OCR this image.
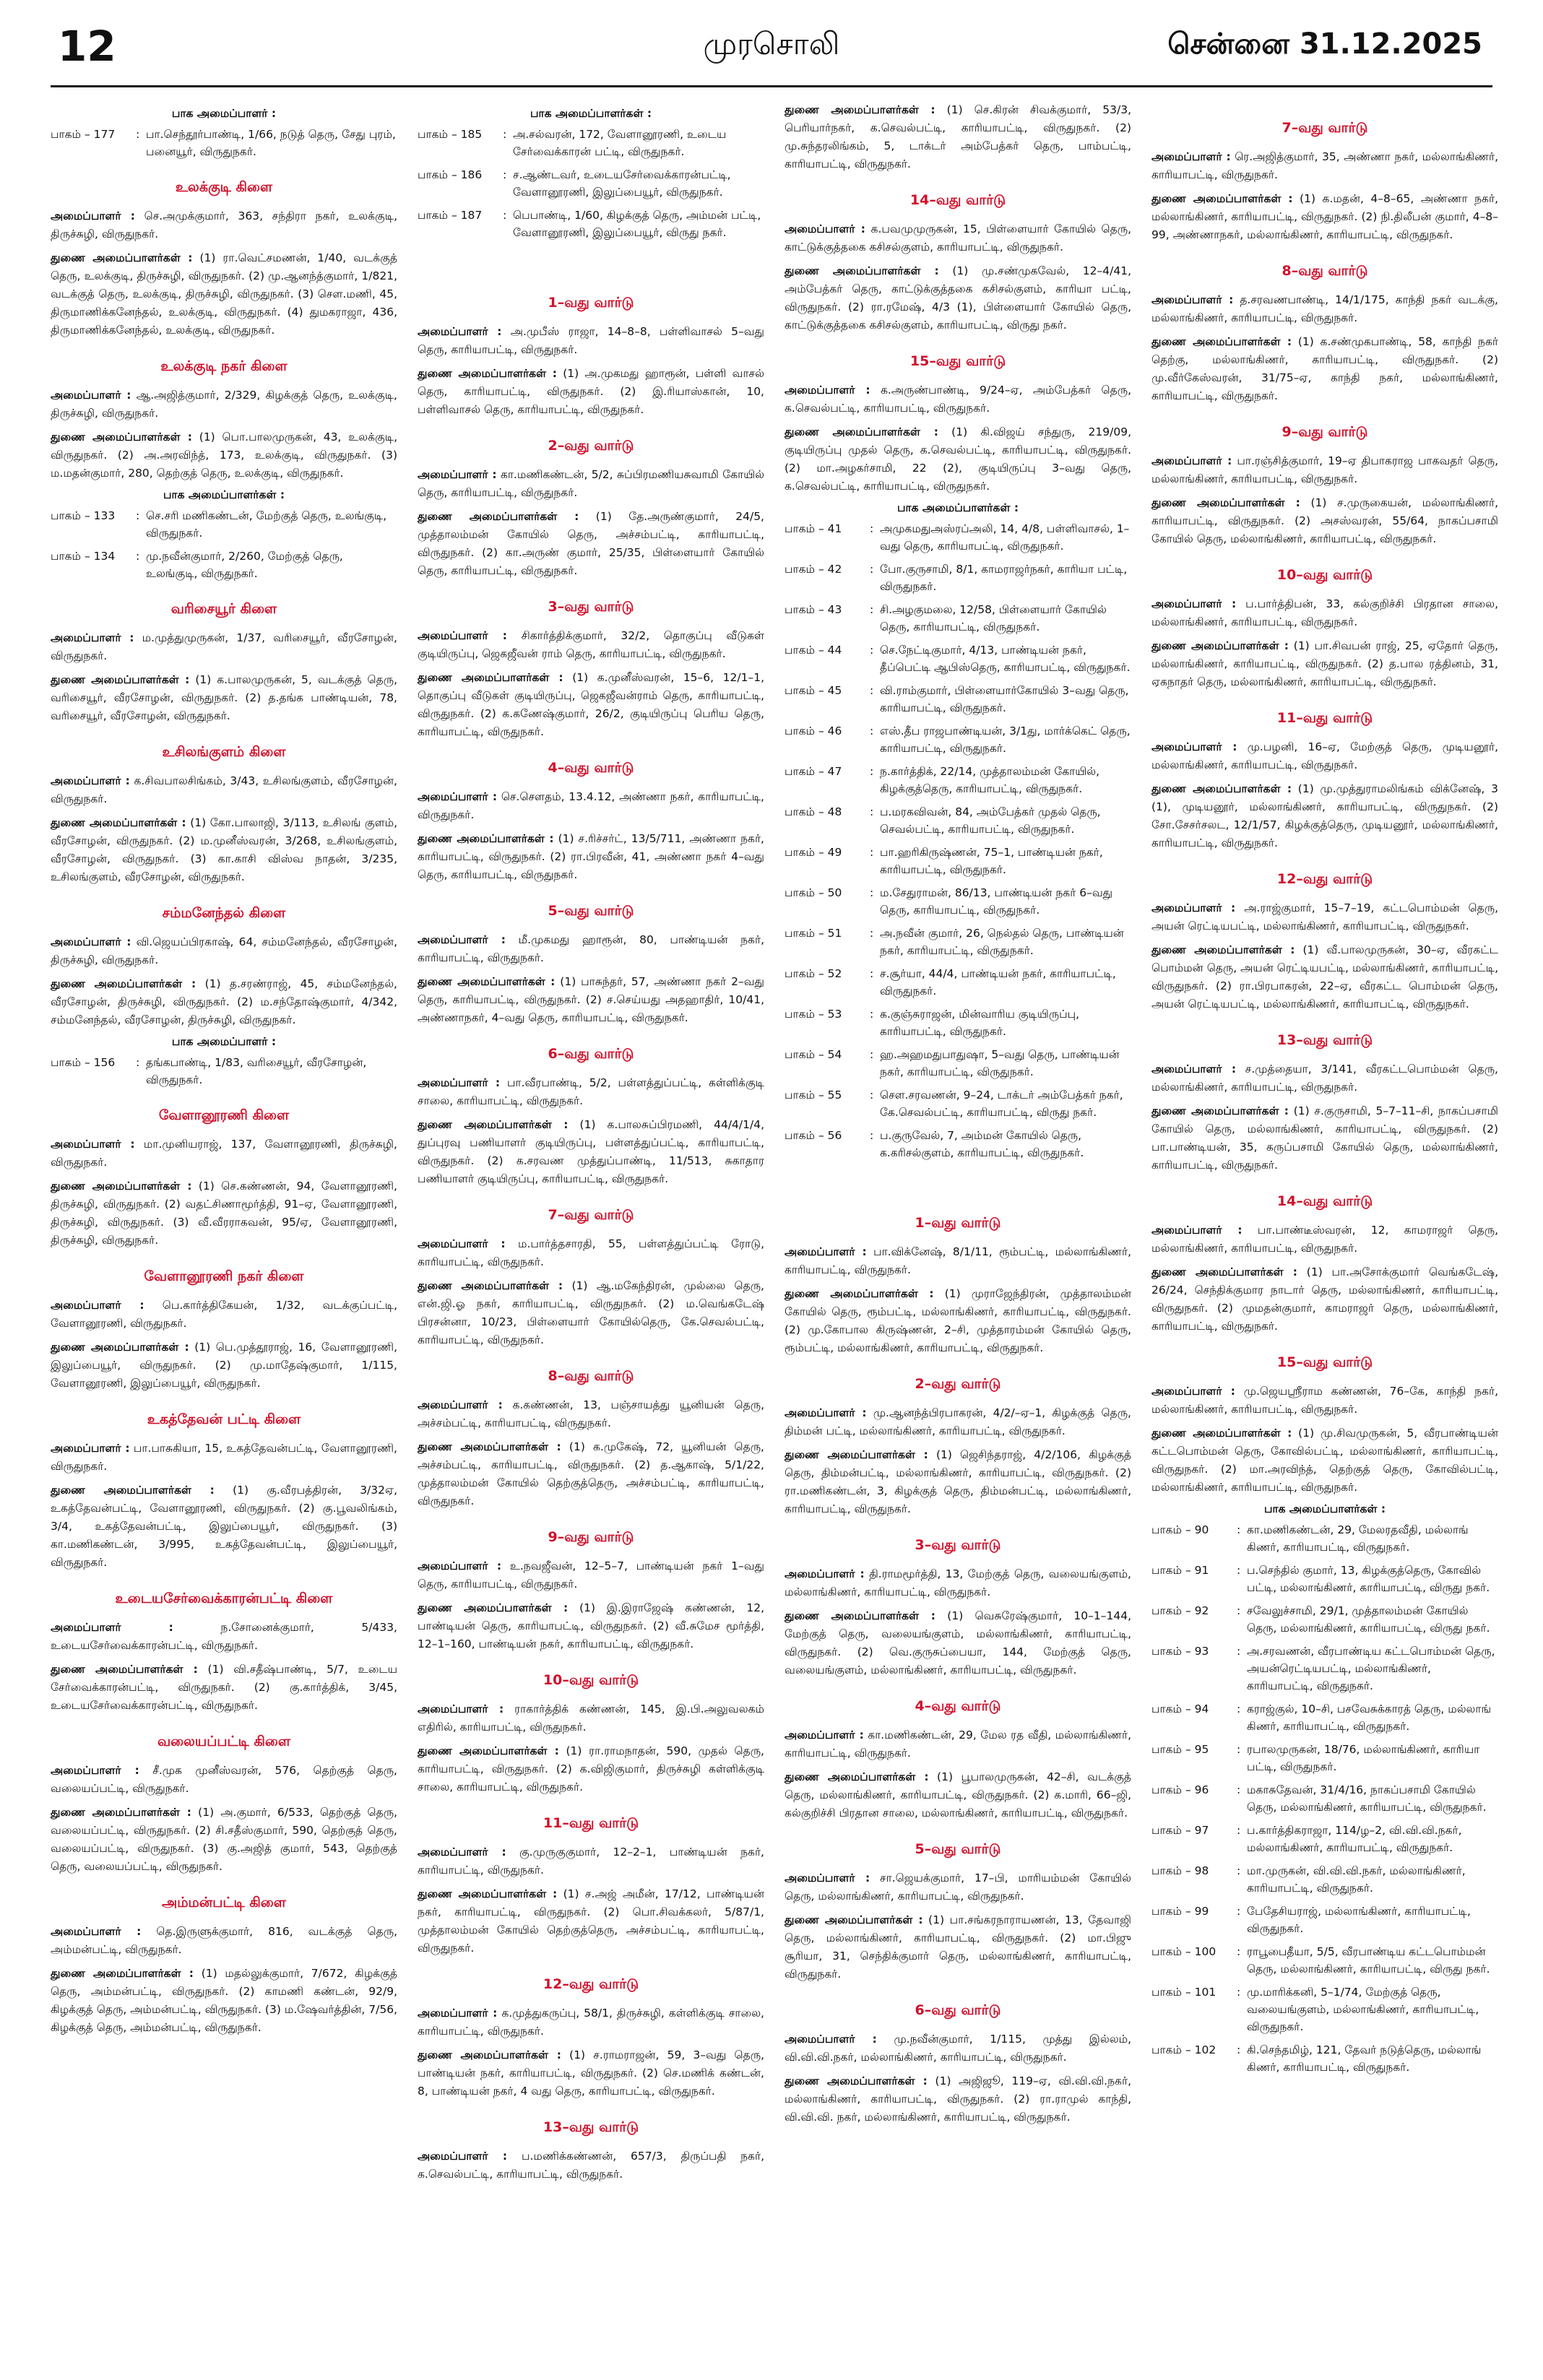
12	முரசொலி	சென்னை 31.12.2025
பாக அமைப்பாளர் :
பாகம் – 177	: பா.செந்தூர்பாண்டி, 1/66, நடுத் தெரு, சேது புரம், பனையூர், விருதுநகர்.
உலக்குடி கிளை
அமைப்பாளர் : செ.அமுக்குமார், 363, சந்திரா நகர், உலக்குடி, திருச்சுழி, விருதுநகர்.
துணை அமைப்பாளர்கள் : (1) ரா.வெட்சமணன், 1/40, வடக்குத் தெரு, உலக்குடி, திருச்சுழி, விருதுநகர். (2) மு.ஆனந்த்குமார், 1/821, வடக்குத் தெரு, உலக்குடி, திருச்சுழி, விருதுநகர். (3) சௌ.மணி, 45, திருமாணிக்கனேந்தல், உலக்குடி, விருதுநகர். (4) துமகராஜா, 436, திருமாணிக்கனேந்தல், உலக்குடி, விருதுநகர்.
உலக்குடி நகர் கிளை
அமைப்பாளர் : ஆ.அஜித்குமார், 2/329, கிழக்குத் தெரு, உலக்குடி, திருச்சுழி, விருதுநகர்.
துணை அமைப்பாளர்கள் : (1) பொ.பாலமுருகன், 43, உலக்குடி, விருதுநகர். (2) அ.அரவிந்த், 173, உலக்குடி, விருதுநகர். (3) ம.மதன்குமார், 280, தெற்குத் தெரு, உலக்குடி, விருதுநகர்.
பாக அமைப்பாளர்கள் :
பாகம் – 133	: செ.சரி மணிகண்டன், மேற்குத் தெரு, உலங்குடி, விருதுநகர்.
பாகம் – 134	: மு.நவீன்குமார், 2/260, மேற்குத் தெரு, உலங்குடி, விருதுநகர்.
வரிசையூர் கிளை
அமைப்பாளர் : ம.முத்துமுருகன், 1/37, வரிசையூர், வீரசோழன், விருதுநகர்.
துணை அமைப்பாளர்கள் : (1) க.பாலமுருகன், 5, வடக்குத் தெரு, வரிசையூர், வீரசோழன், விருதுநகர். (2) த.தங்க பாண்டியன், 78, வரிசையூர், வீரசோழன், விருதுநகர்.
உசிலங்குளம் கிளை
அமைப்பாளர் : க.சிவபாலசிங்கம், 3/43, உசிலங்குளம், வீரசோழன், விருதுநகர்.
துணை அமைப்பாளர்கள் : (1) கோ.பாலாஜி, 3/113, உசிலங் குளம், வீரசோழன், விருதுநகர். (2) ம.முனீஸ்வரன், 3/268, உசிலங்குளம், வீரசோழன், விருதுநகர். (3) கா.காசி விஸ்வ நாதன், 3/235, உசிலங்குளம், வீரசோழன், விருதுநகர்.
சம்மனேந்தல் கிளை
அமைப்பாளர் : வி.ஜெயப்பிரகாஷ், 64, சம்மனேந்தல், வீரசோழன், திருச்சுழி, விருதுநகர்.
துணை அமைப்பாளர்கள் : (1) த.சரண்ராஜ், 45, சம்மனேந்தல், வீரசோழன், திருச்சுழி, விருதுநகர். (2) ம.சந்தோஷ்குமார், 4/342, சம்மனேந்தல், வீரசோழன், திருச்சுழி, விருதுநகர்.
பாக அமைப்பாளர் :
பாகம் – 156	: தங்கபாண்டி, 1/83, வரிசையூர், வீரசோழன், விருதுநகர்.
வேளானூரணி கிளை
அமைப்பாளர் : மா.முனியராஜ், 137, வேளானூரணி, திருச்சுழி, விருதுநகர்.
துணை அமைப்பாளர்கள் : (1) செ.கண்ணன், 94, வேளானூரணி, திருச்சுழி, விருதுநகர். (2) வதட்சிணாமூர்த்தி, 91–ஏ, வேளானூரணி, திருச்சுழி, விருதுநகர். (3) வீ.வீரராகவன், 95/ஏ, வேளானூரணி, திருச்சுழி, விருதுநகர்.
வேளானூரணி நகர் கிளை
அமைப்பாளர் : பெ.கார்த்திகேயன், 1/32, வடக்குப்பட்டி, வேளானூரணி, விருதுநகர்.
துணை அமைப்பாளர்கள் : (1) பெ.முத்தூராஜ், 16, வேளானூரணி, இலுப்பையூர், விருதுநகர். (2) மு.மாதேஷ்குமார், 1/115, வேளானூரணி, இலுப்பையூர், விருதுநகர்.
உகத்தேவன் பட்டி கிளை
அமைப்பாளர் : பா.பாசுகியா, 15, உகத்தேவன்பட்டி, வேளானூரணி, விருதுநகர்.
துணை அமைப்பாளர்கள் : (1) கு.வீரபத்திரன், 3/32ஏ, உகத்தேவன்பட்டி, வேளானூரணி, விருதுநகர். (2) கு.பூவலிங்கம், 3/4, உகத்தேவன்பட்டி, இலுப்பையூர், விருதுநகர். (3) கா.மணிகண்டன், 3/995, உகத்தேவன்பட்டி, இலுப்பையூர், விருதுநகர்.
உடையசேர்வைக்காரன்பட்டி கிளை
அமைப்பாளர் :	ந.சோனைக்குமார், 5/433, உடையசேர்வைக்காரன்பட்டி, விருதுநகர்.
துணை அமைப்பாளர்கள் : (1) வி.சதீஷ்பாண்டி, 5/7, உடைய சேர்வைக்காரன்பட்டி, விருதுநகர். (2) கு.கார்த்திக், 3/45, உடையசேர்வைக்காரன்பட்டி, விருதுநகர்.
வலையப்பட்டி கிளை
அமைப்பாளர் : சீ.முக முனீஸ்வரன், 576, தெற்குத் தெரு, வலையப்பட்டி, விருதுநகர்.
துணை அமைப்பாளர்கள் : (1) அ.குமார், 6/533, தெற்குத் தெரு, வலையப்பட்டி, விருதுநகர். (2) சி.சதீஸ்குமார், 590, தெற்குத் தெரு, வலையப்பட்டி, விருதுநகர். (3) கு.அஜித் குமார், 543, தெற்குத் தெரு, வலையப்பட்டி, விருதுநகர்.
அம்மன்பட்டி கிளை
அமைப்பாளர் : தெ.இருளுக்குமார், 816, வடக்குத் தெரு, அம்மன்பட்டி, விருதுநகர்.
துணை அமைப்பாளர்கள் : (1) மதல்லுக்குமார், 7/672, கிழக்குத் தெரு, அம்மன்பட்டி, விருதுநகர். (2) காமணி கண்டன், 92/9, கிழக்குத் தெரு, அம்மன்பட்டி, விருதுநகர். (3) ம.ஷேவர்த்தின், 7/56, கிழக்குத் தெரு, அம்மன்பட்டி, விருதுநகர்.
பாக அமைப்பாளர்கள் :
பாகம் – 185	: அ.சல்வரன், 172, வேளானூரணி, உடைய சேர்வைக்காரன் பட்டி, விருதுநகர்.
பாகம் – 186	: ச.ஆண்டவர், உடையசேர்வைக்காரன்பட்டி, வேளானூரணி, இலுப்பையூர், விருதுநகர்.
பாகம் – 187	: பெபாண்டி, 1/60, கிழக்குத் தெரு, அம்மன் பட்டி, வேளானூரணி, இலுப்பையூர், விருது நகர்.
1–வது வார்டு
அமைப்பாளர் : அ.முபீஸ் ராஜா, 14–8–8, பள்ளிவாசல் 5–வது தெரு, காரியாபட்டி, விருதுநகர்.
துணை அமைப்பாளர்கள் : (1) அ.முகமது ஹாரூன், பள்ளி வாசல் தெரு, காரியாபட்டி, விருதுநகர். (2) இ.ரியாஸ்கான், 10, பள்ளிவாசல் தெரு, காரியாபட்டி, விருதுநகர்.
2–வது வார்டு
அமைப்பாளர் : கா.மணிகண்டன், 5/2, சுப்பிரமணியசுவாமி கோயில் தெரு, காரியாபட்டி, விருதுநகர்.
துணை அமைப்பாளர்கள் : (1) தே.அருண்குமார், 24/5, முத்தாலம்மன் கோயில் தெரு, அச்சம்பட்டி, காரியாபட்டி, விருதுநகர். (2) கா.அருண் குமார், 25/35, பிள்ளையார் கோயில் தெரு, காரியாபட்டி, விருதுநகர்.
3–வது வார்டு
அமைப்பாளர் : சிகார்த்திக்குமார், 32/2, தொகுப்பு வீடுகள் குடியிருப்பு, ஜெகஜீவன் ராம் தெரு, காரியாபட்டி, விருதுநகர்.
துணை அமைப்பாளர்கள் : (1) க.முனீஸ்வரன், 15–6, 12/1–1, தொகுப்பு வீடுகள் குடியிருப்பு, ஜெகஜீவன்ராம் தெரு, காரியாபட்டி, விருதுநகர். (2) க.கணேஷ்குமார், 26/2, குடியிருப்பு பெரிய தெரு, காரியாபட்டி, விருதுநகர்.
4–வது வார்டு
அமைப்பாளர் : செ.சௌதம், 13.4.12, அண்ணா நகர், காரியாபட்டி, விருதுநகர்.
துணை அமைப்பாளர்கள் : (1) ச.ரிச்சர்ட், 13/5/711, அண்ணா நகர், காரியாபட்டி, விருதுநகர். (2) ரா.பிரவீன், 41, அண்ணா நகர் 4–வது தெரு, காரியாபட்டி, விருதுநகர்.
5–வது வார்டு
அமைப்பாளர் : மீ.முகமது ஹாரூன், 80, பாண்டியன் நகர், காரியாபட்டி, விருதுநகர்.
துணை அமைப்பாளர்கள் : (1) பாசுந்தர், 57, அண்ணா நகர் 2–வது தெரு, காரியாபட்டி, விருதுநகர். (2) ச.செய்யது அதஹாதிர், 10/41, அண்ணாநகர், 4–வது தெரு, காரியாபட்டி, விருதுநகர்.
6–வது வார்டு
அமைப்பாளர் : பா.வீரபாண்டி, 5/2, பள்ளத்துப்பட்டி, கள்ளிக்குடி சாலை, காரியாபட்டி, விருதுநகர்.
துணை அமைப்பாளர்கள் : (1) க.பாலசுப்பிரமணி, 44/4/1/4, துப்புரவு பணியாளர் குடியிருப்பு, பள்ளத்துப்பட்டி, காரியாபட்டி, விருதுநகர். (2) க.சரவண முத்துப்பாண்டி, 11/513, சுகாதார பணியாளர் குடியிருப்பு, காரியாபட்டி, விருதுநகர்.
7–வது வார்டு
அமைப்பாளர் : ம.பார்த்தசாரதி, 55, பள்ளத்துப்பட்டி ரோடு, காரியாபட்டி, விருதுநகர்.
துணை அமைப்பாளர்கள் : (1) ஆ.மகேந்திரன், முல்லை தெரு, என்.ஜி.ஓ நகர், காரியாபட்டி, விருதுநகர். (2) ம.வெங்கடேஷ் பிரசன்னா, 10/23, பிள்ளையார் கோயில்தெரு, கே.செவல்பட்டி, காரியாபட்டி, விருதுநகர்.
8–வது வார்டு
அமைப்பாளர் : க.கண்ணன், 13, பஞ்சாயத்து யூனியன் தெரு, அச்சம்பட்டி, காரியாபட்டி, விருதுநகர்.
துணை அமைப்பாளர்கள் : (1) க.முகேஷ், 72, யூனியன் தெரு, அச்சம்பட்டி, காரியாபட்டி, விருதுநகர். (2) த.ஆகாஷ், 5/1/22, முத்தாலம்மன் கோயில் தெற்குத்தெரு, அச்சம்பட்டி, காரியாபட்டி, விருதுநகர்.
9–வது வார்டு
அமைப்பாளர் : உ.நவஜீவன், 12–5–7, பாண்டியன் நகர் 1–வது தெரு, காரியாபட்டி, விருதுநகர்.
துணை அமைப்பாளர்கள் : (1) இ.இராஜேஷ் கண்ணன், 12, பாண்டியன் தெரு, காரியாபட்டி, விருதுநகர். (2) வீ.சுமேச மூர்த்தி, 12–1–160, பாண்டியன் நகர், காரியாபட்டி, விருதுநகர்.
10–வது வார்டு
அமைப்பாளர் : ராகார்த்திக் கண்ணன், 145, இ.பி.அலுவலகம் எதிரில், காரியாபட்டி, விருதுநகர்.
துணை அமைப்பாளர்கள் : (1) ரா.ராமநாதன், 590, முதல் தெரு, காரியாபட்டி, விருதுநகர். (2) க.விஜிகுமார், திருச்சுழி கள்ளிக்குடி சாலை, காரியாபட்டி, விருதுநகர்.
11–வது வார்டு
அமைப்பாளர் : கு.முருகுகுமார், 12–2–1, பாண்டியன் நகர், காரியாபட்டி, விருதுநகர்.
துணை அமைப்பாளர்கள் : (1) ச.அஜ் அமீன், 17/12, பாண்டியன் நகர், காரியாபட்டி, விருதுநகர். (2) பொ.சிவக்கலர், 5/87/1, முத்தாலம்மன் கோயில் தெற்குத்தெரு, அச்சம்பட்டி, காரியாபட்டி, விருதுநகர்.
12–வது வார்டு
அமைப்பாளர் : க.முத்துகருப்பு, 58/1, திருச்சுழி, கள்ளிக்குடி சாலை, காரியாபட்டி, விருதுநகர்.
துணை அமைப்பாளர்கள் : (1) ச.ராமராஜன், 59, 3–வது தெரு, பாண்டியன் நகர், காரியாபட்டி, விருதுநகர். (2) செ.மணிக் கண்டன், 8, பாண்டியன் நகர், 4 வது தெரு, காரியாபட்டி, விருதுநகர்.
13–வது வார்டு
அமைப்பாளர் : ப.மணிக்கண்ணன், 657/3, திருப்பதி நகர், க.செவல்பட்டி, காரியாபட்டி, விருதுநகர்.
துணை அமைப்பாளர்கள் : (1) செ.கிரன் சிவக்குமார், 53/3, பெரியார்நகர், க.செவல்பட்டி, காரியாபட்டி, விருதுநகர். (2) மு.சுந்தரலிங்கம், 5, டாக்டர் அம்பேத்கர் தெரு, பாம்பட்டி, காரியாபட்டி, விருதுநகர்.
14–வது வார்டு
அமைப்பாளர் : க.பவமுமுருகன், 15, பிள்ளையார் கோயில் தெரு, காட்டுக்குத்தகை கசிசல்குளம், காரியாபட்டி, விருதுநகர்.
துணை அமைப்பாளர்கள் : (1) மு.சண்முகவேல், 12–4/41, அம்பேத்கர் தெரு, காட்டுக்குத்தகை கசிசல்குளம், காரியா பட்டி, விருதுநகர். (2) ரா.ரமேஷ், 4/3 (1), பிள்ளையார் கோயில் தெரு, காட்டுக்குத்தகை கசிசல்குளம், காரியாபட்டி, விருது நகர்.
15–வது வார்டு
அமைப்பாளர் : க.அருண்பாண்டி, 9/24–ஏ, அம்பேத்கர் தெரு, க.செவல்பட்டி, காரியாபட்டி, விருதுநகர்.
துணை அமைப்பாளர்கள் : (1) கி.விஜய் சந்துரு, 219/09, குடியிருப்பு முதல் தெரு, க.செவல்பட்டி, காரியாபட்டி, விருதுநகர். (2) மா.அழகர்சாமி, 22 (2), குடியிருப்பு 3–வது தெரு, க.செவல்பட்டி, காரியாபட்டி, விருதுநகர்.
பாக அமைப்பாளர்கள் :
பாகம் – 41	: அமுகமதுஅஸ்ரப்அலி, 14, 4/8, பள்ளிவாசல், 1–வது தெரு, காரியாபட்டி, விருதுநகர்.
பாகம் – 42	: போ.குருசாமி, 8/1, காமராஜர்நகர், காரியா பட்டி, விருதுநகர்.
பாகம் – 43	: சி.அழகுமலை, 12/58, பிள்ளையார் கோயில் தெரு, காரியாபட்டி, விருதுநகர்.
பாகம் – 44	: செ.நேட்டிகுமார், 4/13, பாண்டியன் நகர், தீப்பெட்டி ஆபிஸ்தெரு, காரியாபட்டி, விருதுநகர்.
பாகம் – 45	: வி.ராம்குமார், பிள்ளையார்கோயில் 3–வது தெரு, காரியாபட்டி, விருதுநகர்.
பாகம் – 46	: எஸ்.தீப ராஜபாண்டியன், 3/1து, மார்க்கெட் தெரு, காரியாபட்டி, விருதுநகர்.
பாகம் – 47	: ந.கார்த்திக், 22/14, முத்தாலம்மன் கோயில், கிழக்குத்தெரு, காரியாபட்டி, விருதுநகர்.
பாகம் – 48	: ப.மரகவிவன், 84, அம்பேத்கர் முதல் தெரு, செவல்பட்டி, காரியாபட்டி, விருதுநகர்.
பாகம் – 49	: பா.ஹரிகிருஷ்ணன், 75–1, பாண்டியன் நகர், காரியாபட்டி, விருதுநகர்.
பாகம் – 50	: ம.சேதுராமன், 86/13, பாண்டியன் நகர் 6–வது தெரு, காரியாபட்டி, விருதுநகர்.
பாகம் – 51	: அ.நவீன் குமார், 26, நெல்தல் தெரு, பாண்டியன் நகர், காரியாபட்டி, விருதுநகர்.
பாகம் – 52	: ச.சூர்யா, 44/4, பாண்டியன் நகர், காரியாபட்டி, விருதுநகர்.
பாகம் – 53	: க.குஞ்சுராஜன், மின்வாரிய குடியிருப்பு, காரியாபட்டி, விருதுநகர்.
பாகம் – 54	: ஹ.அஹமதுபாதுஷா, 5–வது தெரு, பாண்டியன் நகர், காரியாபட்டி, விருதுநகர்.
பாகம் – 55	: சௌ.சரவணன், 9–24, டாக்டர் அம்பேத்கர் நகர், கே.செவல்பட்டி, காரியாபட்டி, விருது நகர்.
பாகம் – 56	: ப.குருவேல், 7, அம்மன் கோயில் தெரு, க.கரிசல்குளம், காரியாபட்டி, விருதுநகர்.
1–வது வார்டு
அமைப்பாளர் : பா.விக்னேஷ், 8/1/11, ரூம்பட்டி, மல்லாங்கிணர், காரியாபட்டி, விருதுநகர்.
துணை அமைப்பாளர்கள் : (1) முராஜேந்திரன், முத்தாலம்மன் கோயில் தெரு, ரூம்பட்டி, மல்லாங்கிணர், காரியாபட்டி, விருதுநகர். (2) மு.கோபால கிருஷ்ணன், 2–சி, முத்தாரம்மன் கோயில் தெரு, ரூம்பட்டி, மல்லாங்கிணர், காரியாபட்டி, விருதுநகர்.
2–வது வார்டு
அமைப்பாளர் : மு.ஆனந்த்பிரபாகரன், 4/2/–ஏ–1, கிழக்குத் தெரு, திம்மன் பட்டி, மல்லாங்கிணர், காரியாபட்டி, விருதுநகர்.
துணை அமைப்பாளர்கள் : (1) ஜெசிந்தராஜ், 4/2/106, கிழக்குத் தெரு, திம்மன்பட்டி, மல்லாங்கிணர், காரியாபட்டி, விருதுநகர். (2) ரா.மணிகண்டன், 3, கிழக்குத் தெரு, திம்மன்பட்டி, மல்லாங்கிணர், காரியாபட்டி, விருதுநகர்.
3–வது வார்டு
அமைப்பாளர் : தி.ராமமூர்த்தி, 13, மேற்குத் தெரு, வலையங்குளம், மல்லாங்கிணர், காரியாபட்டி, விருதுநகர்.
துணை அமைப்பாளர்கள் : (1) வெசுரேஷ்குமார், 10–1–144, மேற்குத் தெரு, வலையங்குளம், மல்லாங்கிணர், காரியாபட்டி, விருதுநகர். (2) வெ.குருசுப்பையா, 144, மேற்குத் தெரு, வலையங்குளம், மல்லாங்கிணர், காரியாபட்டி, விருதுநகர்.
4–வது வார்டு
அமைப்பாளர் : கா.மணிகண்டன், 29, மேல ரத வீதி, மல்லாங்கிணர், காரியாபட்டி, விருதுநகர்.
துணை அமைப்பாளர்கள் : (1) பூபாலமுருகன், 42–சி, வடக்குத் தெரு, மல்லாங்கிணர், காரியாபட்டி, விருதுநகர். (2) க.மாரி, 66–ஜி, கல்குறிச்சி பிரதான சாலை, மல்லாங்கிணர், காரியாபட்டி, விருதுநகர்.
5–வது வார்டு
அமைப்பாளர் : சா.ஜெயக்குமார், 17–பி, மாரியம்மன் கோயில் தெரு, மல்லாங்கிணர், காரியாபட்டி, விருதுநகர்.
துணை அமைப்பாளர்கள் : (1) பா.சங்கரநாராயணன், 13, தேவாஜி தெரு, மல்லாங்கிணர், காரியாபட்டி, விருதுநகர். (2) மா.பிஜு சூரியா, 31, செந்திக்குமார் தெரு, மல்லாங்கிணர், காரியாபட்டி, விருதுநகர்.
6–வது வார்டு
அமைப்பாளர் : மு.நவீன்குமார், 1/115, முத்து இல்லம், வி.வி.வி.நகர், மல்லாங்கிணர், காரியாபட்டி, விருதுநகர்.
துணை அமைப்பாளர்கள் : (1) அஜிஜூ, 119–ஏ, வி.வி.வி.நகர், மல்லாங்கிணர், காரியாபட்டி, விருதுநகர். (2) ரா.ராமுல் காந்தி, வி.வி.வி. நகர், மல்லாங்கிணர், காரியாபட்டி, விருதுநகர்.
7–வது வார்டு
அமைப்பாளர் : ரெ.அஜித்குமார், 35, அண்ணா நகர், மல்லாங்கிணர், காரியாபட்டி, விருதுநகர்.
துணை அமைப்பாளர்கள் : (1) க.மதன், 4–8–65, அண்ணா நகர், மல்லாங்கிணர், காரியாபட்டி, விருதுநகர். (2) நி.திலீபன் குமார், 4–8–99, அண்ணாநகர், மல்லாங்கிணர், காரியாபட்டி, விருதுநகர்.
8–வது வார்டு
அமைப்பாளர் : த.சரவணபாண்டி, 14/1/175, காந்தி நகர் வடக்கு, மல்லாங்கிணர், காரியாபட்டி, விருதுநகர்.
துணை அமைப்பாளர்கள் : (1) க.சண்முகபாண்டி, 58, காந்தி நகர் தெற்கு, மல்லாங்கிணர், காரியாபட்டி, விருதுநகர். (2) மு.வீர்கேஸ்வரன், 31/75–ஏ, காந்தி நகர், மல்லாங்கிணர், காரியாபட்டி, விருதுநகர்.
9–வது வார்டு
அமைப்பாளர் : பா.ரஞ்சித்குமார், 19–ஏ திபாகராஜ பாகவதர் தெரு, மல்லாங்கிணர், காரியாபட்டி, விருதுநகர்.
துணை அமைப்பாளர்கள் : (1) ச.முருகையன், மல்லாங்கிணர், காரியாபட்டி, விருதுநகர். (2) அசஸ்வரன், 55/64, நாகப்பசாமி கோயில் தெரு, மல்லாங்கிணர், காரியாபட்டி, விருதுநகர்.
10–வது வார்டு
அமைப்பாளர் : ப.பார்த்திபன், 33, கல்குறிச்சி பிரதான சாலை, மல்லாங்கிணர், காரியாபட்டி, விருதுநகர்.
துணை அமைப்பாளர்கள் : (1) பா.சிவபன் ராஜ், 25, ஏதோர் தெரு, மல்லாங்கிணர், காரியாபட்டி, விருதுநகர். (2) த.பால ரத்தினம், 31, ஏகநாதர் தெரு, மல்லாங்கிணர், காரியாபட்டி, விருதுநகர்.
11–வது வார்டு
அமைப்பாளர் : மு.பழனி, 16–ஏ, மேற்குத் தெரு, முடியனூர், மல்லாங்கிணர், காரியாபட்டி, விருதுநகர்.
துணை அமைப்பாளர்கள் : (1) மு.முத்துராமலிங்கம் விக்னேஷ், 3 (1), முடியனூர், மல்லாங்கிணர், காரியாபட்டி, விருதுநகர். (2) சோ.சேசர்சலட, 12/1/57, கிழக்குத்தெரு, முடியனூர், மல்லாங்கிணர், காரியாபட்டி, விருதுநகர்.
12–வது வார்டு
அமைப்பாளர் : அ.ராஜ்குமார், 15–7–19, கட்டபொம்மன் தெரு, அயன் ரெட்டியபட்டி, மல்லாங்கிணர், காரியாபட்டி, விருதுநகர்.
துணை அமைப்பாளர்கள் : (1) வீ.பாலமுருகன், 30–ஏ, வீரகட்ட பொம்மன் தெரு, அயன் ரெட்டியபட்டி, மல்லாங்கிணர், காரியாபட்டி, விருதுநகர். (2) ரா.பிரபாகரன், 22–ஏ, வீரகட்ட பொம்மன் தெரு, அயன் ரெட்டியபட்டி, மல்லாங்கிணர், காரியாபட்டி, விருதுநகர்.
13–வது வார்டு
அமைப்பாளர் : ச.முத்தையா, 3/141, வீரகட்டபொம்மன் தெரு, மல்லாங்கிணர், காரியாபட்டி, விருதுநகர்.
துணை அமைப்பாளர்கள் : (1) ச.குருசாமி, 5–7–11–சி, நாகப்பசாமி கோயில் தெரு, மல்லாங்கிணர், காரியாபட்டி, விருதுநகர். (2) பா.பாண்டியன், 35, கருப்பசாமி கோயில் தெரு, மல்லாங்கிணர், காரியாபட்டி, விருதுநகர்.
14–வது வார்டு
அமைப்பாளர் : பா.பாண்டீஸ்வரன், 12, காமராஜர் தெரு, மல்லாங்கிணர், காரியாபட்டி, விருதுநகர்.
துணை அமைப்பாளர்கள் : (1) பா.அசோக்குமார் வெங்கடேஷ், 26/24, செந்திக்குமார நாடார் தெரு, மல்லாங்கிணர், காரியாபட்டி, விருதுநகர். (2) முமதன்குமார், காமராஜர் தெரு, மல்லாங்கிணர், காரியாபட்டி, விருதுநகர்.
15–வது வார்டு
அமைப்பாளர் : மு.ஜெயஸ்ரீராம கண்ணன், 76–கே, காந்தி நகர், மல்லாங்கிணர், காரியாபட்டி, விருதுநகர்.
துணை அமைப்பாளர்கள் : (1) மு.சிவமுருகன், 5, வீரபாண்டியன் கட்டபொம்மன் தெரு, கோவில்பட்டி, மல்லாங்கிணர், காரியாபட்டி, விருதுநகர். (2) மா.அரவிந்த், தெற்குத் தெரு, கோவில்பட்டி, மல்லாங்கிணர், காரியாபட்டி, விருதுநகர்.
பாக அமைப்பாளர்கள் :
பாகம் – 90	: கா.மணிகண்டன், 29, மேலரதவீதி, மல்லாங் கிணர், காரியாபட்டி, விருதுநகர்.
பாகம் – 91	: ப.செந்தில் குமார், 13, கிழக்குத்தெரு, கோவில் பட்டி, மல்லாங்கிணர், காரியாபட்டி, விருது நகர்.
பாகம் – 92	: சவேலுச்சாமி, 29/1, முத்தாலம்மன் கோயில் தெரு, மல்லாங்கிணர், காரியாபட்டி, விருது நகர்.
பாகம் – 93	: அ.சரவணன், வீரபாண்டிய கட்டபொம்மன் தெரு, அயன்ரெட்டியபட்டி, மல்லாங்கிணர், காரியாபட்டி, விருதுநகர்.
பாகம் – 94	: கராஜ்குல், 10–சி, பசவேசுக்காரத் தெரு, மல்லாங் கிணர், காரியாபட்டி, விருதுநகர்.
பாகம் – 95	: ரபாலமுருகன், 18/76, மல்லாங்கிணர், காரியா பட்டி, விருதுநகர்.
பாகம் – 96	: மகாசுதேவன், 31/4/16, நாகப்பசாமி கோயில் தெரு, மல்லாங்கிணர், காரியாபட்டி, விருதுநகர்.
பாகம் – 97	: ப.கார்த்திகராஜா, 114/ழ–2, வி.வி.வி.நகர், மல்லாங்கிணர், காரியாபட்டி, விருதுநகர்.
பாகம் – 98	: மா.முருகன், வி.வி.வி.நகர், மல்லாங்கிணர், காரியாபட்டி, விருதுநகர்.
பாகம் – 99	: பேதேசியராஜ், மல்லாங்கிணர், காரியாபட்டி, விருதுநகர்.
பாகம் – 100	: ராபூபைதீயா, 5/5, வீரபாண்டிய கட்டபொம்மன் தெரு, மல்லாங்கிணர், காரியாபட்டி, விருது நகர்.
பாகம் – 101	: மு.மாரிக்கனி, 5–1/74, மேற்குத் தெரு, வலையங்குளம், மல்லாங்கிணர், காரியாபட்டி, விருதுநகர்.
பாகம் – 102	: கி.செந்தமிழ், 121, தேவர் நடுத்தெரு, மல்லாங் கிணர், காரியாபட்டி, விருதுநகர்.
